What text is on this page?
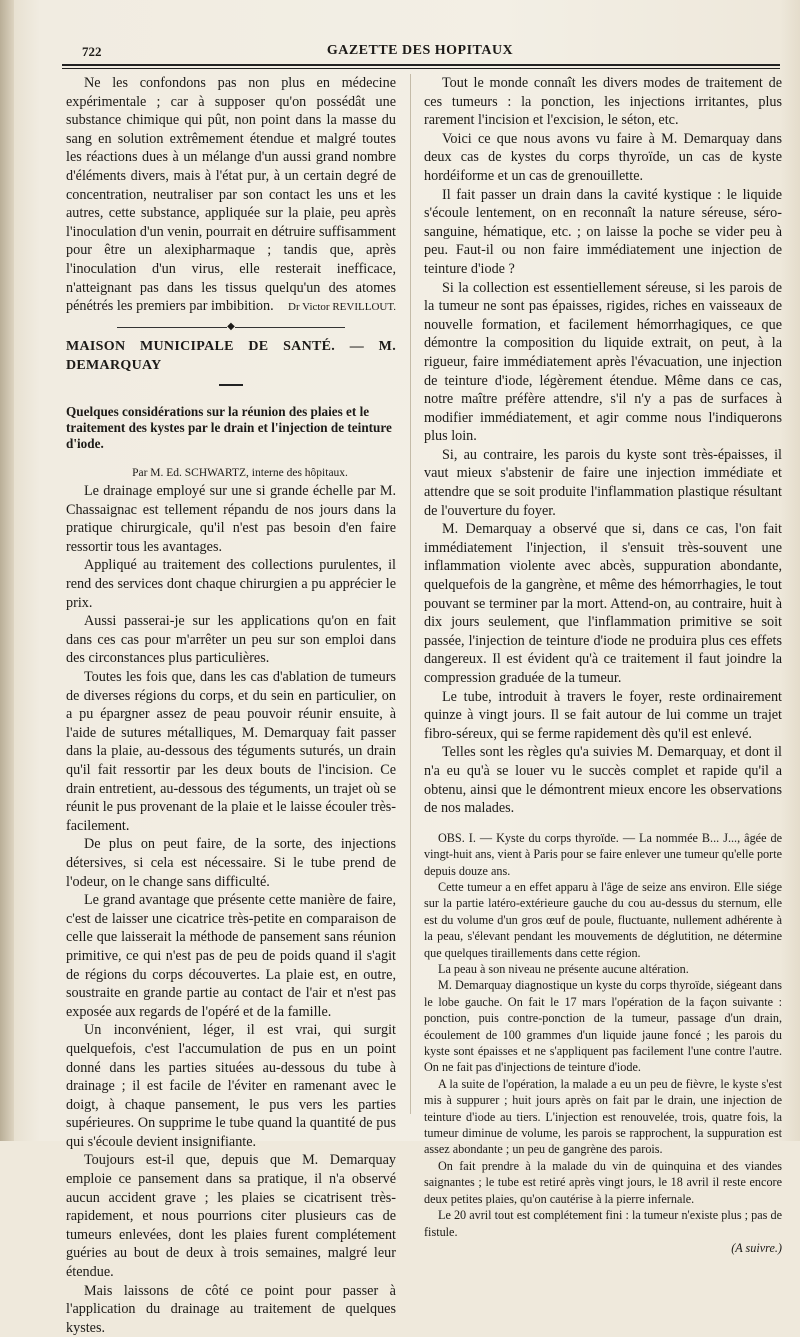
722	GAZETTE DES HOPITAUX

Ne les confondons pas non plus en médecine expérimentale ; car à supposer qu'on possédât une substance chimique qui pût, non point dans la masse du sang en solution extrêmement étendue et malgré toutes les réactions dues à un mélange d'un aussi grand nombre d'éléments divers, mais à l'état pur, à un certain degré de concentration, neutraliser par son contact les uns et les autres, cette substance, appliquée sur la plaie, peu après l'inoculation d'un venin, pourrait en détruire suffisamment pour être un alexipharmaque ; tandis que, après l'inoculation d'un virus, elle resterait inefficace, n'atteignant pas dans les tissus quelqu'un des atomes pénétrés les premiers par imbibition.	Dr Victor REVILLOUT.

◆
MAISON MUNICIPALE DE SANTÉ. — M. DEMARQUAY
Quelques considérations sur la réunion des plaies et le traitement des kystes par le drain et l'injection de teinture d'iode.

Par M. Ed. SCHWARTZ, interne des hôpitaux.

Le drainage employé sur une si grande échelle par M. Chassaignac est tellement répandu de nos jours dans la pratique chirurgicale, qu'il n'est pas besoin d'en faire ressortir tous les avantages.

Appliqué au traitement des collections purulentes, il rend des services dont chaque chirurgien a pu apprécier le prix.

Aussi passerai-je sur les applications qu'on en fait dans ces cas pour m'arrêter un peu sur son emploi dans des circonstances plus particulières.

Toutes les fois que, dans les cas d'ablation de tumeurs de diverses régions du corps, et du sein en particulier, on a pu épargner assez de peau pouvoir réunir ensuite, à l'aide de sutures métalliques, M. Demarquay fait passer dans la plaie, au-dessous des téguments suturés, un drain qu'il fait ressortir par les deux bouts de l'incision. Ce drain entretient, au-dessous des téguments, un trajet où se réunit le pus provenant de la plaie et le laisse écouler très-facilement.

De plus on peut faire, de la sorte, des injections détersives, si cela est nécessaire. Si le tube prend de l'odeur, on le change sans difficulté.

Le grand avantage que présente cette manière de faire, c'est de laisser une cicatrice très-petite en comparaison de celle que laisserait la méthode de pansement sans réunion primitive, ce qui n'est pas de peu de poids quand il s'agit de régions du corps découvertes. La plaie est, en outre, soustraite en grande partie au contact de l'air et n'est pas exposée aux regards de l'opéré et de la famille.

Un inconvénient, léger, il est vrai, qui surgit quelquefois, c'est l'accumulation de pus en un point donné dans les parties situées au-dessous du tube à drainage ; il est facile de l'éviter en ramenant avec le doigt, à chaque pansement, le pus vers les parties supérieures. On supprime le tube quand la quantité de pus qui s'écoule devient insignifiante.

Toujours est-il que, depuis que M. Demarquay emploie ce pansement dans sa pratique, il n'a observé aucun accident grave ; les plaies se cicatrisent très-rapidement, et nous pourrions citer plusieurs cas de tumeurs enlevées, dont les plaies furent complétement guéries au bout de deux à trois semaines, malgré leur étendue.

Mais laissons de côté ce point pour passer à l'application du drainage au traitement de quelques kystes.

Tout le monde connaît les divers modes de traitement de ces tumeurs : la ponction, les injections irritantes, plus rarement l'incision et l'excision, le séton, etc.

Voici ce que nous avons vu faire à M. Demarquay dans deux cas de kystes du corps thyroïde, un cas de kyste hordéiforme et un cas de grenouillette.

Il fait passer un drain dans la cavité kystique : le liquide s'écoule lentement, on en reconnaît la nature séreuse, séro-sanguine, hématique, etc. ; on laisse la poche se vider peu à peu. Faut-il ou non faire immédiatement une injection de teinture d'iode ?

Si la collection est essentiellement séreuse, si les parois de la tumeur ne sont pas épaisses, rigides, riches en vaisseaux de nouvelle formation, et facilement hémorrhagiques, ce que démontre la composition du liquide extrait, on peut, à la rigueur, faire immédiatement après l'évacuation, une injection de teinture d'iode, légèrement étendue. Même dans ce cas, notre maître préfère attendre, s'il n'y a pas de surfaces à modifier immédiatement, et agir comme nous l'indiquerons plus loin.

Si, au contraire, les parois du kyste sont très-épaisses, il vaut mieux s'abstenir de faire une injection immédiate et attendre que se soit produite l'inflammation plastique résultant de l'ouverture du foyer.

M. Demarquay a observé que si, dans ce cas, l'on fait immédiatement l'injection, il s'ensuit très-souvent une inflammation violente avec abcès, suppuration abondante, quelquefois de la gangrène, et même des hémorrhagies, le tout pouvant se terminer par la mort. Attend-on, au contraire, huit à dix jours seulement, que l'inflammation primitive se soit passée, l'injection de teinture d'iode ne produira plus ces effets dangereux. Il est évident qu'à ce traitement il faut joindre la compression graduée de la tumeur.

Le tube, introduit à travers le foyer, reste ordinairement quinze à vingt jours. Il se fait autour de lui comme un trajet fibro-séreux, qui se ferme rapidement dès qu'il est enlevé.

Telles sont les règles qu'a suivies M. Demarquay, et dont il n'a eu qu'à se louer vu le succès complet et rapide qu'il a obtenu, ainsi que le démontrent mieux encore les observations de nos malades.

OBS. I. — Kyste du corps thyroïde. — La nommée B... J..., âgée de vingt-huit ans, vient à Paris pour se faire enlever une tumeur qu'elle porte depuis douze ans.

Cette tumeur a en effet apparu à l'âge de seize ans environ. Elle siége sur la partie latéro-extérieure gauche du cou au-dessus du sternum, elle est du volume d'un gros œuf de poule, fluctuante, nullement adhérente à la peau, s'élevant pendant les mouvements de déglutition, ne détermine que quelques tiraillements dans cette région.

La peau à son niveau ne présente aucune altération.

M. Demarquay diagnostique un kyste du corps thyroïde, siégeant dans le lobe gauche. On fait le 17 mars l'opération de la façon suivante : ponction, puis contre-ponction de la tumeur, passage d'un drain, écoulement de 100 grammes d'un liquide jaune foncé ; les parois du kyste sont épaisses et ne s'appliquent pas facilement l'une contre l'autre. On ne fait pas d'injections de teinture d'iode.

A la suite de l'opération, la malade a eu un peu de fièvre, le kyste s'est mis à suppurer ; huit jours après on fait par le drain, une injection de teinture d'iode au tiers. L'injection est renouvelée, trois, quatre fois, la tumeur diminue de volume, les parois se rapprochent, la suppuration est assez abondante ; un peu de gangrène des parois.

On fait prendre à la malade du vin de quinquina et des viandes saignantes ; le tube est retiré après vingt jours, le 18 avril il reste encore deux petites plaies, qu'on cautérise à la pierre infernale.

Le 20 avril tout est complétement fini : la tumeur n'existe plus ; pas de fistule.

(A suivre.)
